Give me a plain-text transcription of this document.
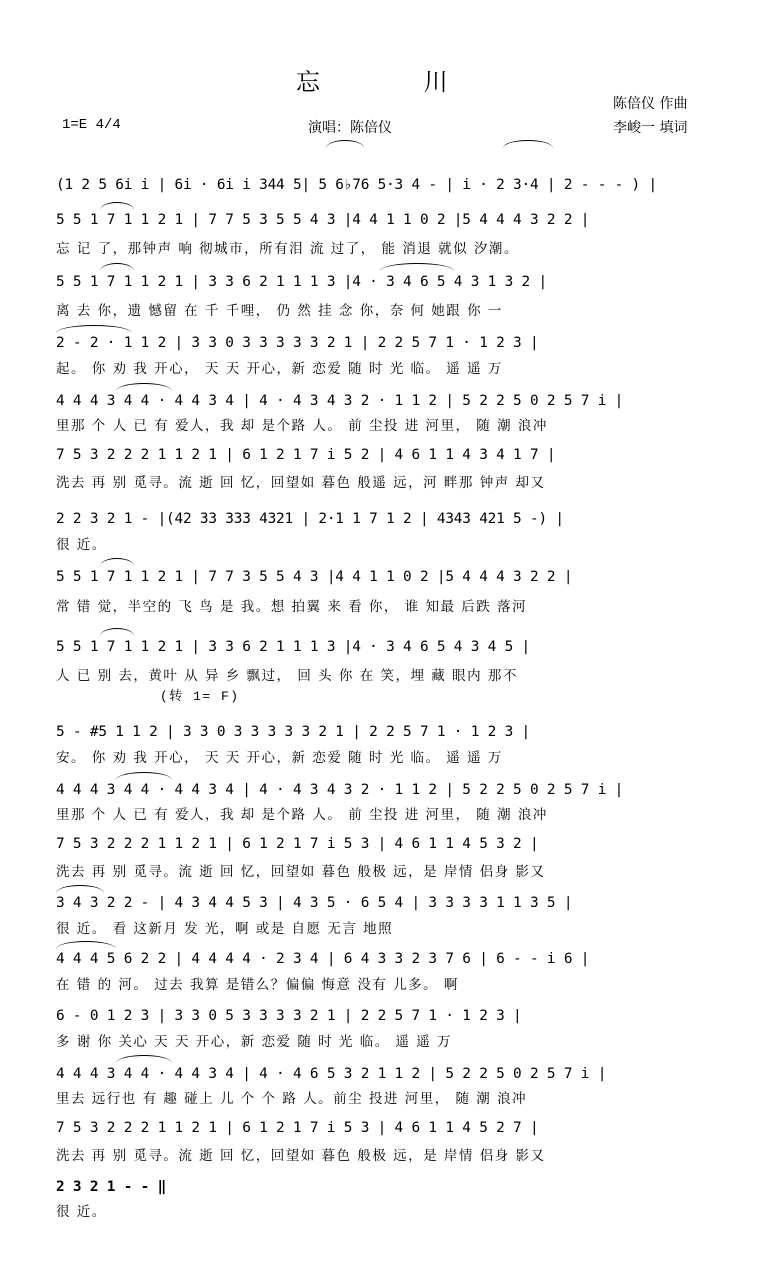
忘 川
1=E 4/4	演唱：陈倍仪
陈倍仪 作曲
李峻一 填词
(1 2 5 6i i | 6i · 6i i 344 5| 5 6♭76 5·3 4 - | i · 2 3·4 | 2 - - - ) |
5 5 1 7 1 1 2 1 | 7 7 5 3 5 5 4 3 |4 4 1 1 0 2 |5 4 4 4 3 2 2 |
忘 记 了，那钟声 响 彻城市，所有泪 流 过了， 能 消退 就似 汐潮。
5 5 1 7 1 1 2 1 | 3 3 6 2 1 1 1 3 |4 · 3 4 6 5 4 3 1 3 2 |
离 去 你，遗 憾留 在 千 千哩， 仍 然 挂 念 你，奈 何 她跟 你 一
2 - 2 · 1 1 2 | 3 3 0 3 3 3 3 3 2 1 | 2 2 5 7 1 · 1 2 3 |
起。 你 劝 我 开心， 天 天 开心，新 恋爱 随 时 光 临。 遥 遥 万
4 4 4 3 4 4 · 4 4 3 4 | 4 · 4 3 4 3 2 · 1 1 2 | 5 2 2 5 0 2 5 7 i |
里那 个 人 已 有 爱人，我 却 是个路 人。 前 尘投 进 河里， 随 潮 浪冲
7 5 3 2 2 2 1 1 2 1 | 6 1 2 1 7 i 5 2 | 4 6 1 1 4 3 4 1 7 |
洗去 再 别 觅寻。流 逝 回 忆，回望如 暮色 般遥 远，河 畔那 钟声 却又
2 2 3 2 1 - |(42 33 333 4321 | 2·1 1 7 1 2 | 4343 421 5 -) |
很 近。
5 5 1 7 1 1 2 1 | 7 7 3 5 5 4 3 |4 4 1 1 0 2 |5 4 4 4 3 2 2 |
常 错 觉，半空的 飞 鸟 是 我。想 拍翼 来 看 你， 谁 知最 后跌 落河
5 5 1 7 1 1 2 1 | 3 3 6 2 1 1 1 3 |4 · 3 4 6 5 4 3 4 5 |
人 已 别 去，黄叶 从 异 乡 飘过， 回 头 你 在 笑，埋 藏 眼内 那不
(转 1= F)
5 - #5 1 1 2 | 3 3 0 3 3 3 3 3 2 1 | 2 2 5 7 1 · 1 2 3 |
安。 你 劝 我 开心， 天 天 开心，新 恋爱 随 时 光 临。 遥 遥 万
4 4 4 3 4 4 · 4 4 3 4 | 4 · 4 3 4 3 2 · 1 1 2 | 5 2 2 5 0 2 5 7 i |
里那 个 人 已 有 爱人，我 却 是个路 人。 前 尘投 进 河里， 随 潮 浪冲
7 5 3 2 2 2 1 1 2 1 | 6 1 2 1 7 i 5 3 | 4 6 1 1 4 5 3 2 |
洗去 再 别 觅寻。流 逝 回 忆，回望如 暮色 般极 远，是 岸情 侣身 影又
3 4 3 2 2 - | 4 3 4 4 5 3 | 4 3 5 · 6 5 4 | 3 3 3 3 1 1 3 5 |
很 近。 看 这新月 发 光，啊 或是 自愿 无言 地照
4 4 4 5 6 2 2 | 4 4 4 4 · 2 3 4 | 6 4 3 3 2 3 7 6 | 6 - - i 6 |
在 错 的 河。 过去 我算 是错么？偏偏 悔意 没有 儿多。 啊
6 - 0 1 2 3 | 3 3 0 5 3 3 3 3 2 1 | 2 2 5 7 1 · 1 2 3 |
多 谢 你 关心 天 天 开心，新 恋爱 随 时 光 临。 遥 遥 万
4 4 4 3 4 4 · 4 4 3 4 | 4 · 4 6 5 3 2 1 1 2 | 5 2 2 5 0 2 5 7 i |
里去 远行也 有 趣 碰上 儿 个 个 路 人。前尘 投进 河里， 随 潮 浪冲
7 5 3 2 2 2 1 1 2 1 | 6 1 2 1 7 i 5 3 | 4 6 1 1 4 5 2 7 |
洗去 再 别 觅寻。流 逝 回 忆，回望如 暮色 般极 远，是 岸情 侣身 影又
2 3 2 1 - - ‖
很 近。
